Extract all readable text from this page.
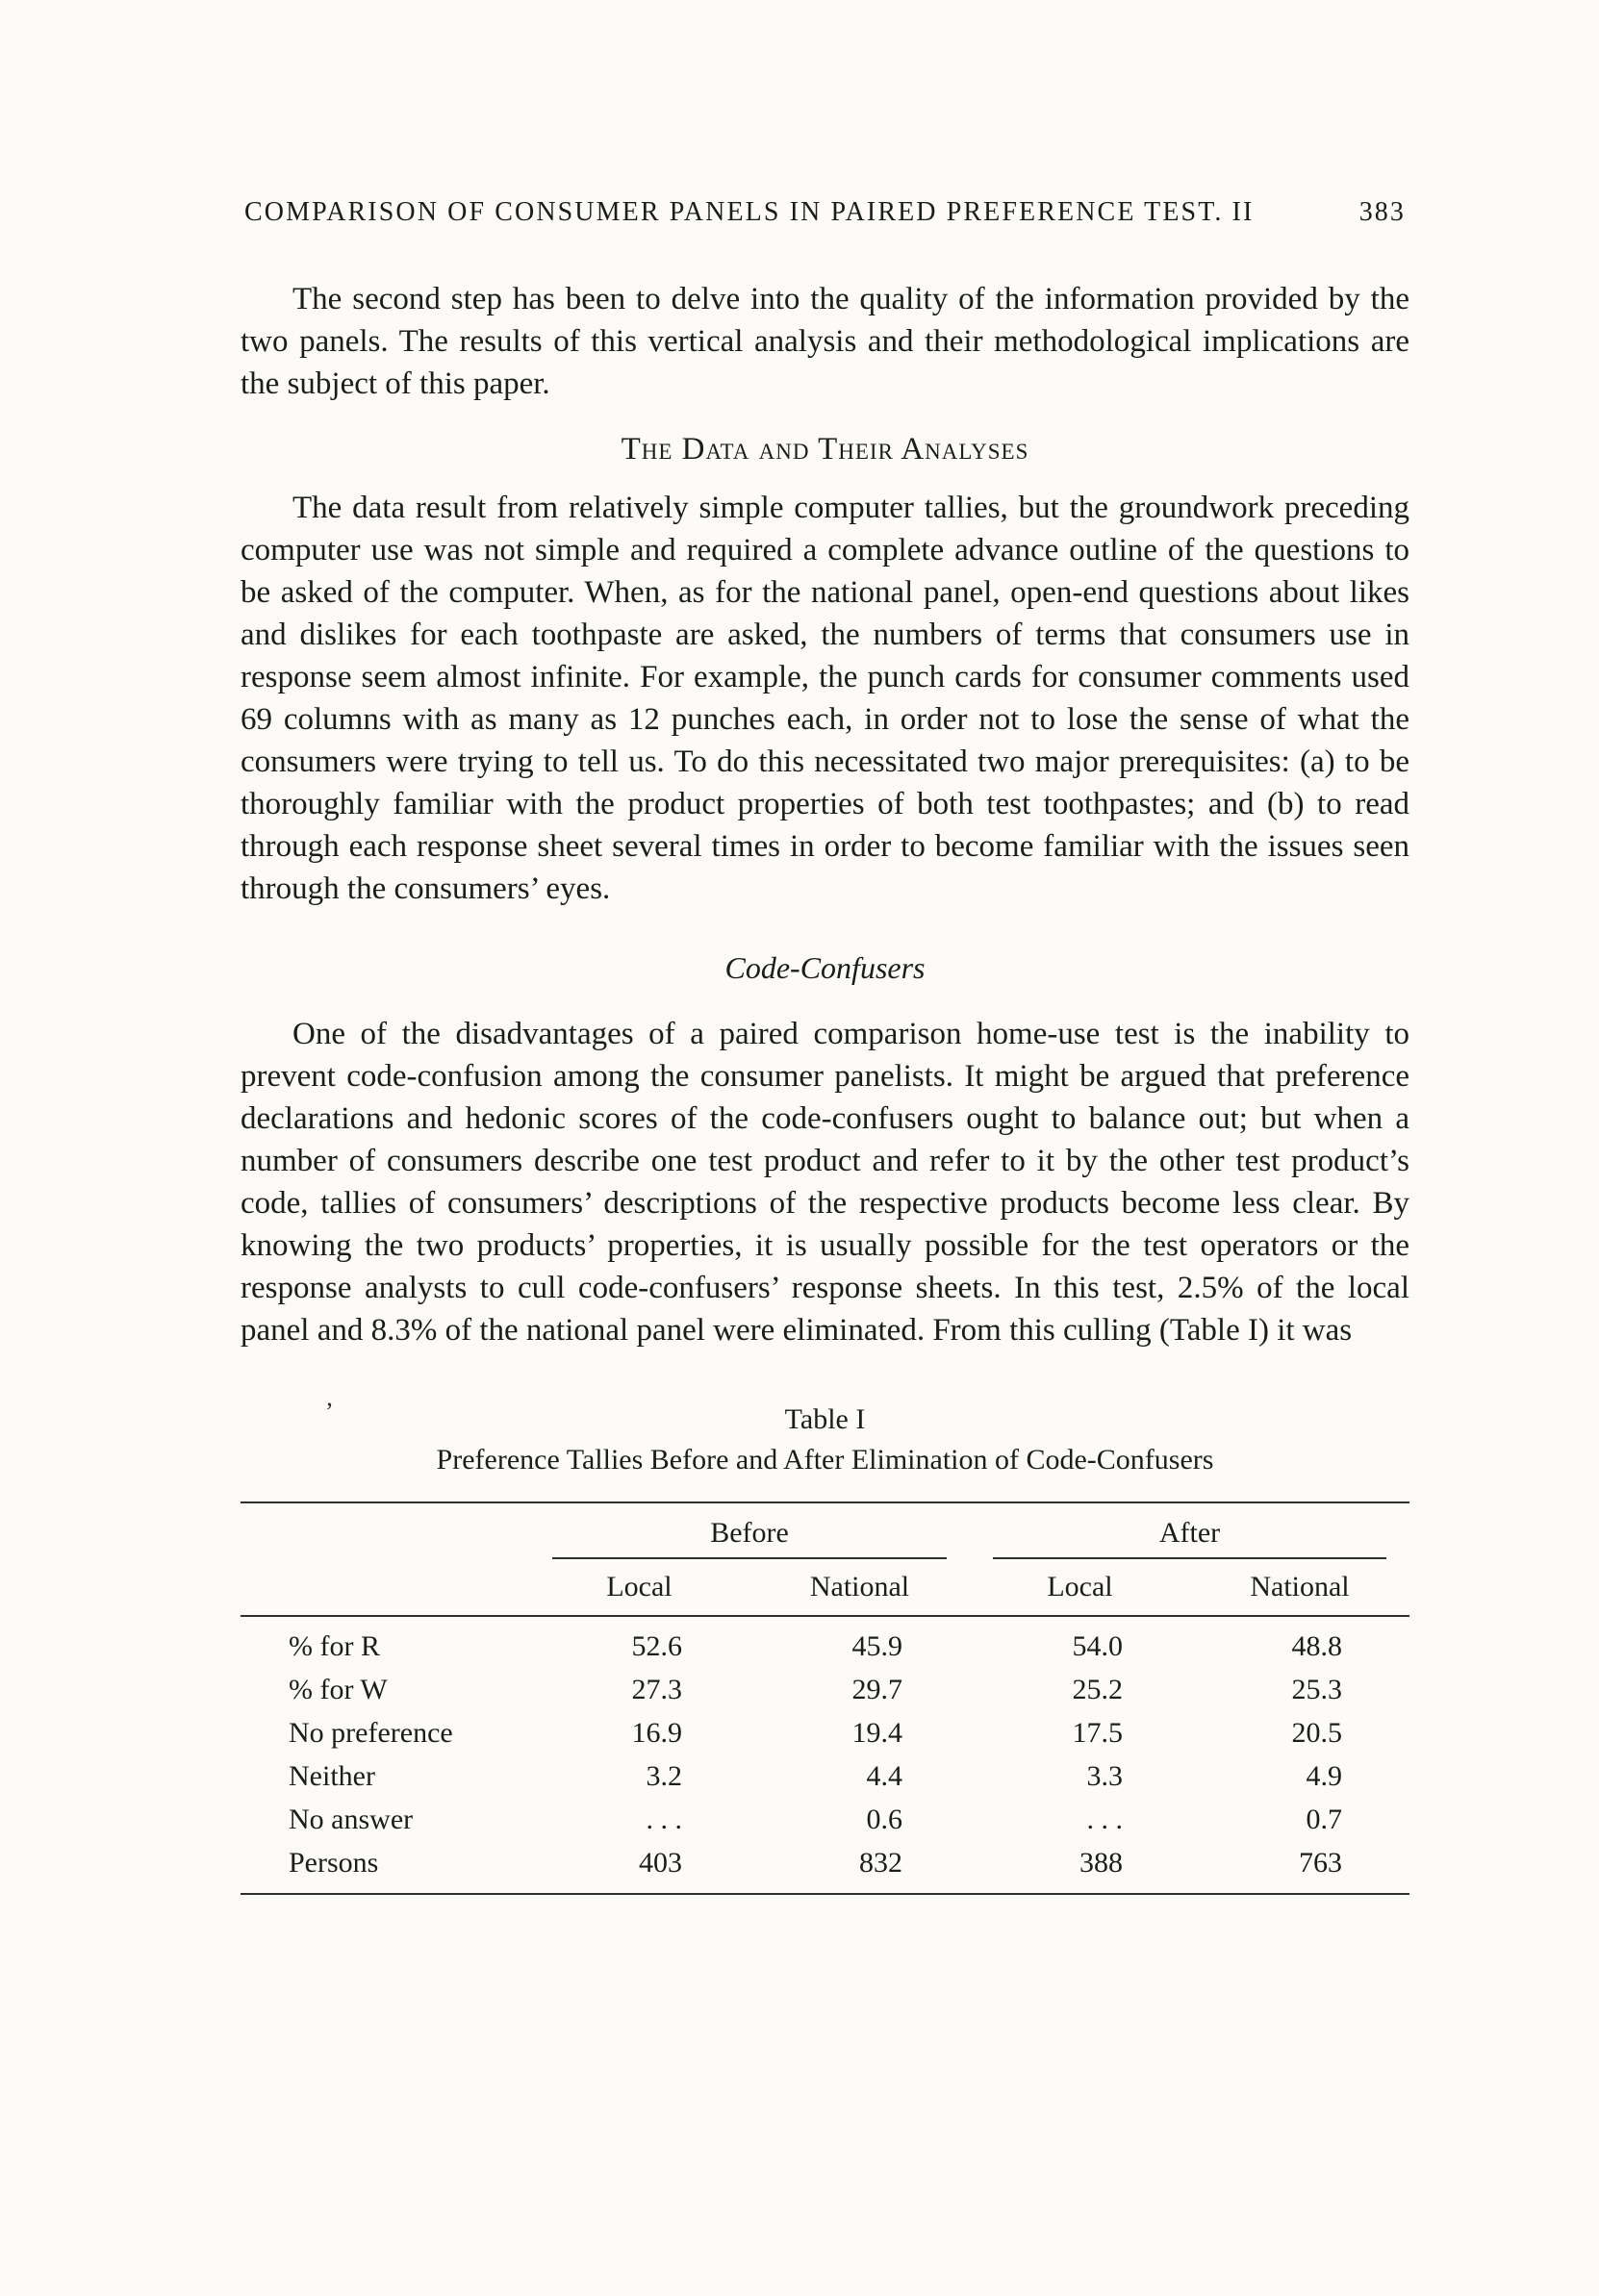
COMPARISON OF CONSUMER PANELS IN PAIRED PREFERENCE TEST. II	383

The second step has been to delve into the quality of the information provided by the two panels. The results of this vertical analysis and their methodological implications are the subject of this paper.

The Data and Their Analyses

The data result from relatively simple computer tallies, but the groundwork preceding computer use was not simple and required a complete advance outline of the questions to be asked of the computer. When, as for the national panel, open-end questions about likes and dislikes for each toothpaste are asked, the numbers of terms that consumers use in response seem almost infinite. For example, the punch cards for consumer comments used 69 columns with as many as 12 punches each, in order not to lose the sense of what the consumers were trying to tell us. To do this necessitated two major prerequisites: (a) to be thoroughly familiar with the product properties of both test toothpastes; and (b) to read through each response sheet several times in order to become familiar with the issues seen through the consumers’ eyes.

Code-Confusers

One of the disadvantages of a paired comparison home-use test is the inability to prevent code-confusion among the consumer panelists. It might be argued that preference declarations and hedonic scores of the code-confusers ought to balance out; but when a number of consumers describe one test product and refer to it by the other test product’s code, tallies of consumers’ descriptions of the respective products become less clear. By knowing the two products’ properties, it is usually possible for the test operators or the response analysts to cull code-confusers’ response sheets. In this test, 2.5% of the local panel and 8.3% of the national panel were eliminated. From this culling (Table I) it was

’	Table I
Preference Tallies Before and After Elimination of Code-Confusers

	Before		After	

	Local	National	Local	National
% for R	52.6	45.9	54.0	48.8
% for W	27.3	29.7	25.2	25.3
No preference	16.9	19.4	17.5	20.5
Neither	3.2	4.4	3.3	4.9
No answer	. . .	0.6	. . .	0.7
Persons	403	832	388	763
